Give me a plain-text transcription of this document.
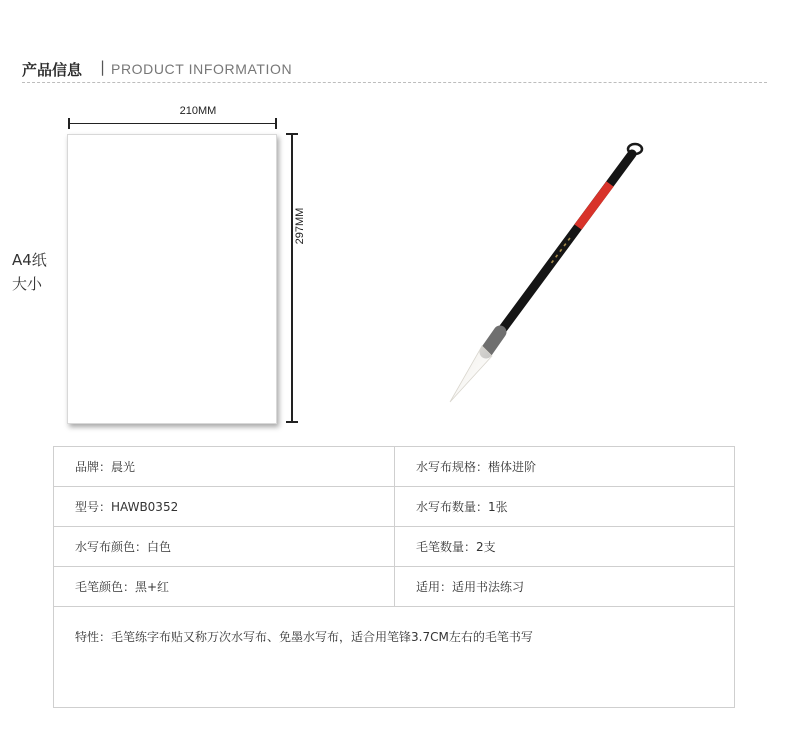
产品信息 | PRODUCT INFORMATION
A4纸
大小
210MM
297MM
品牌：晨光	水写布规格：楷体进阶
型号：HAWB0352	水写布数量：1张
水写布颜色：白色	毛笔数量：2支
毛笔颜色：黑+红	适用：适用书法练习
特性：毛笔练字布贴又称万次水写布、免墨水写布，适合用笔锋3.7CM左右的毛笔书写
